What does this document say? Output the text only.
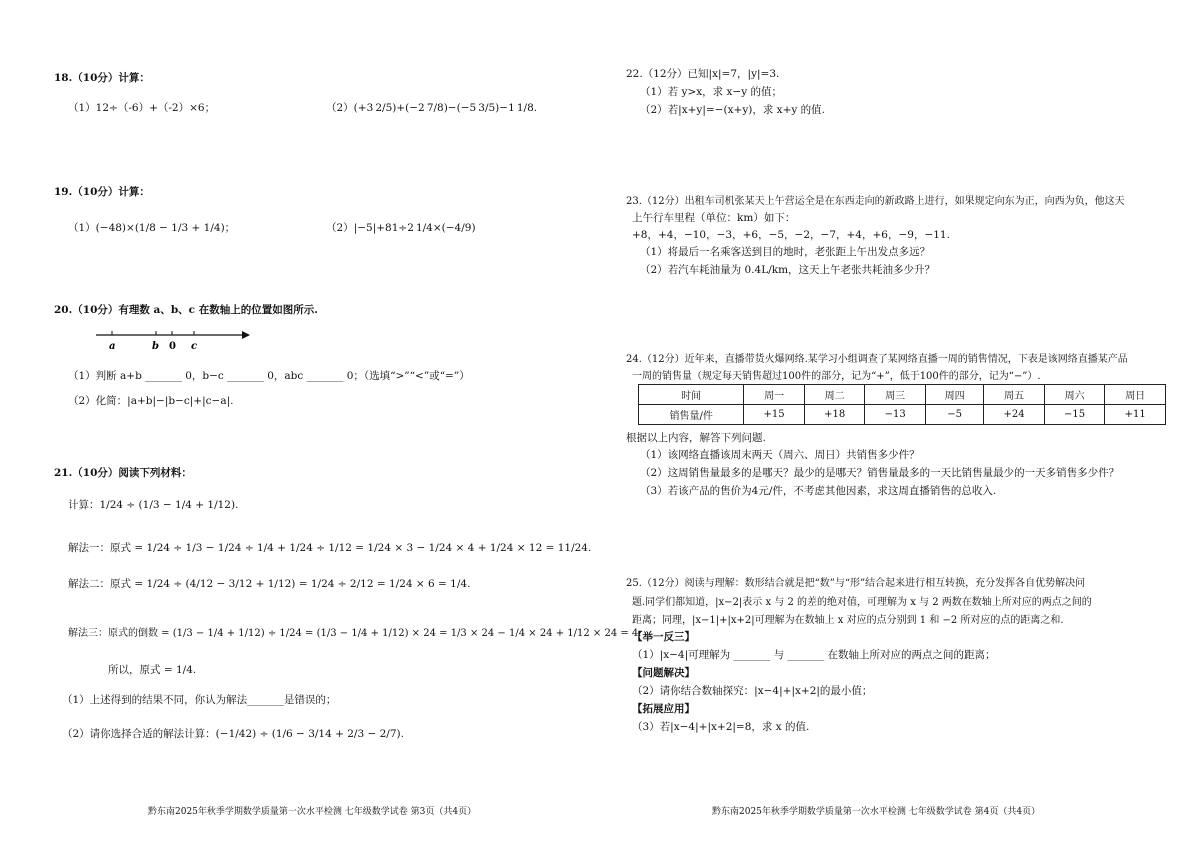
18.（10分）计算：
（1）12÷（-6）+（-2）×6；	（2）(+3 2/5)+(−2 7/8)−(−5 3/5)−1 1/8.
19.（10分）计算：
（1）(−48)×(1/8 − 1/3 + 1/4)；	（2）|−5|+81÷2 1/4×(−4/9)
20.（10分）有理数 a、b、c 在数轴上的位置如图所示.
a	b 0 c
（1）判断 a+b _______ 0，b−c _______ 0，abc _______ 0；（选填“>”“<”或“=”）
（2）化简：|a+b|−|b−c|+|c−a|.
21.（10分）阅读下列材料：
计算：1/24 ÷ (1/3 − 1/4 + 1/12).
解法一：原式 = 1/24 ÷ 1/3 − 1/24 ÷ 1/4 + 1/24 ÷ 1/12 = 1/24 × 3 − 1/24 × 4 + 1/24 × 12 = 11/24.
解法二：原式 = 1/24 ÷ (4/12 − 3/12 + 1/12) = 1/24 ÷ 2/12 = 1/24 × 6 = 1/4.
解法三：原式的倒数 = (1/3 − 1/4 + 1/12) ÷ 1/24 = (1/3 − 1/4 + 1/12) × 24 = 1/3 × 24 − 1/4 × 24 + 1/12 × 24 = 4.
所以，原式 = 1/4.
（1）上述得到的结果不同，你认为解法_______是错误的；
（2）请你选择合适的解法计算：(−1/42) ÷ (1/6 − 3/14 + 2/3 − 2/7).
黔东南2025年秋季学期数学质量第一次水平检测 七年级数学试卷 第3页（共4页）
22.（12分）已知|x|=7，|y|=3.
（1）若 y>x，求 x−y 的值；
（2）若|x+y|=−(x+y)，求 x+y 的值.
23.（12分）出租车司机张某天上午营运全是在东西走向的新政路上进行，如果规定向东为正，向西为负，他这天
上午行车里程（单位：km）如下：
+8，+4，−10，−3，+6，−5，−2，−7，+4，+6，−9，−11.
（1）将最后一名乘客送到目的地时，老张距上午出发点多远？
（2）若汽车耗油量为 0.4L/km，这天上午老张共耗油多少升？
24.（12分）近年来，直播带货火爆网络.某学习小组调查了某网络直播一周的销售情况，下表是该网络直播某产品
一周的销售量（规定每天销售超过100件的部分，记为“+”，低于100件的部分，记为“−”）.
时间	周一	周二	周三	周四	周五	周六	周日
销售量/件	+15	+18	−13	−5	+24	−15	+11
根据以上内容，解答下列问题.
（1）该网络直播该周末两天（周六、周日）共销售多少件？
（2）这周销售量最多的是哪天？最少的是哪天？销售量最多的一天比销售量最少的一天多销售多少件？
（3）若该产品的售价为4元/件，不考虑其他因素，求这周直播销售的总收入.
25.（12分）阅读与理解：数形结合就是把“数”与“形”结合起来进行相互转换，充分发挥各自优势解决问
题.同学们都知道，|x−2|表示 x 与 2 的差的绝对值，可理解为 x 与 2 两数在数轴上所对应的两点之间的
距离；同理，|x−1|+|x+2|可理解为在数轴上 x 对应的点分别到 1 和 −2 所对应的点的距离之和.
【举一反三】
（1）|x−4|可理解为 _______ 与 _______ 在数轴上所对应的两点之间的距离；
【问题解决】
（2）请你结合数轴探究：|x−4|+|x+2|的最小值；
【拓展应用】
（3）若|x−4|+|x+2|=8，求 x 的值.
黔东南2025年秋季学期数学质量第一次水平检测 七年级数学试卷 第4页（共4页）
